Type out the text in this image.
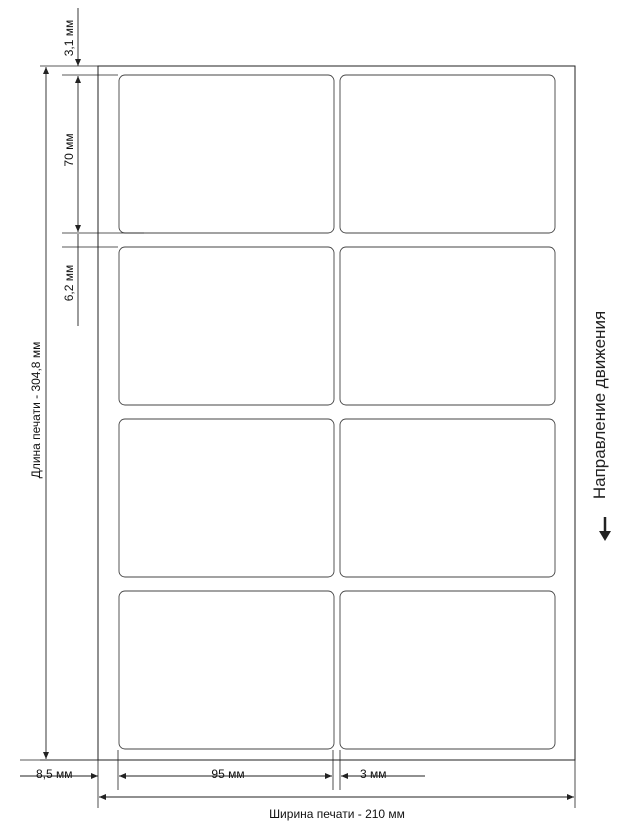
3,1 мм
70 мм
6,2 мм
Длина печати - 304,8 мм
8,5 мм	95 мм	3 мм
Ширина печати - 210 мм
Направление движения
